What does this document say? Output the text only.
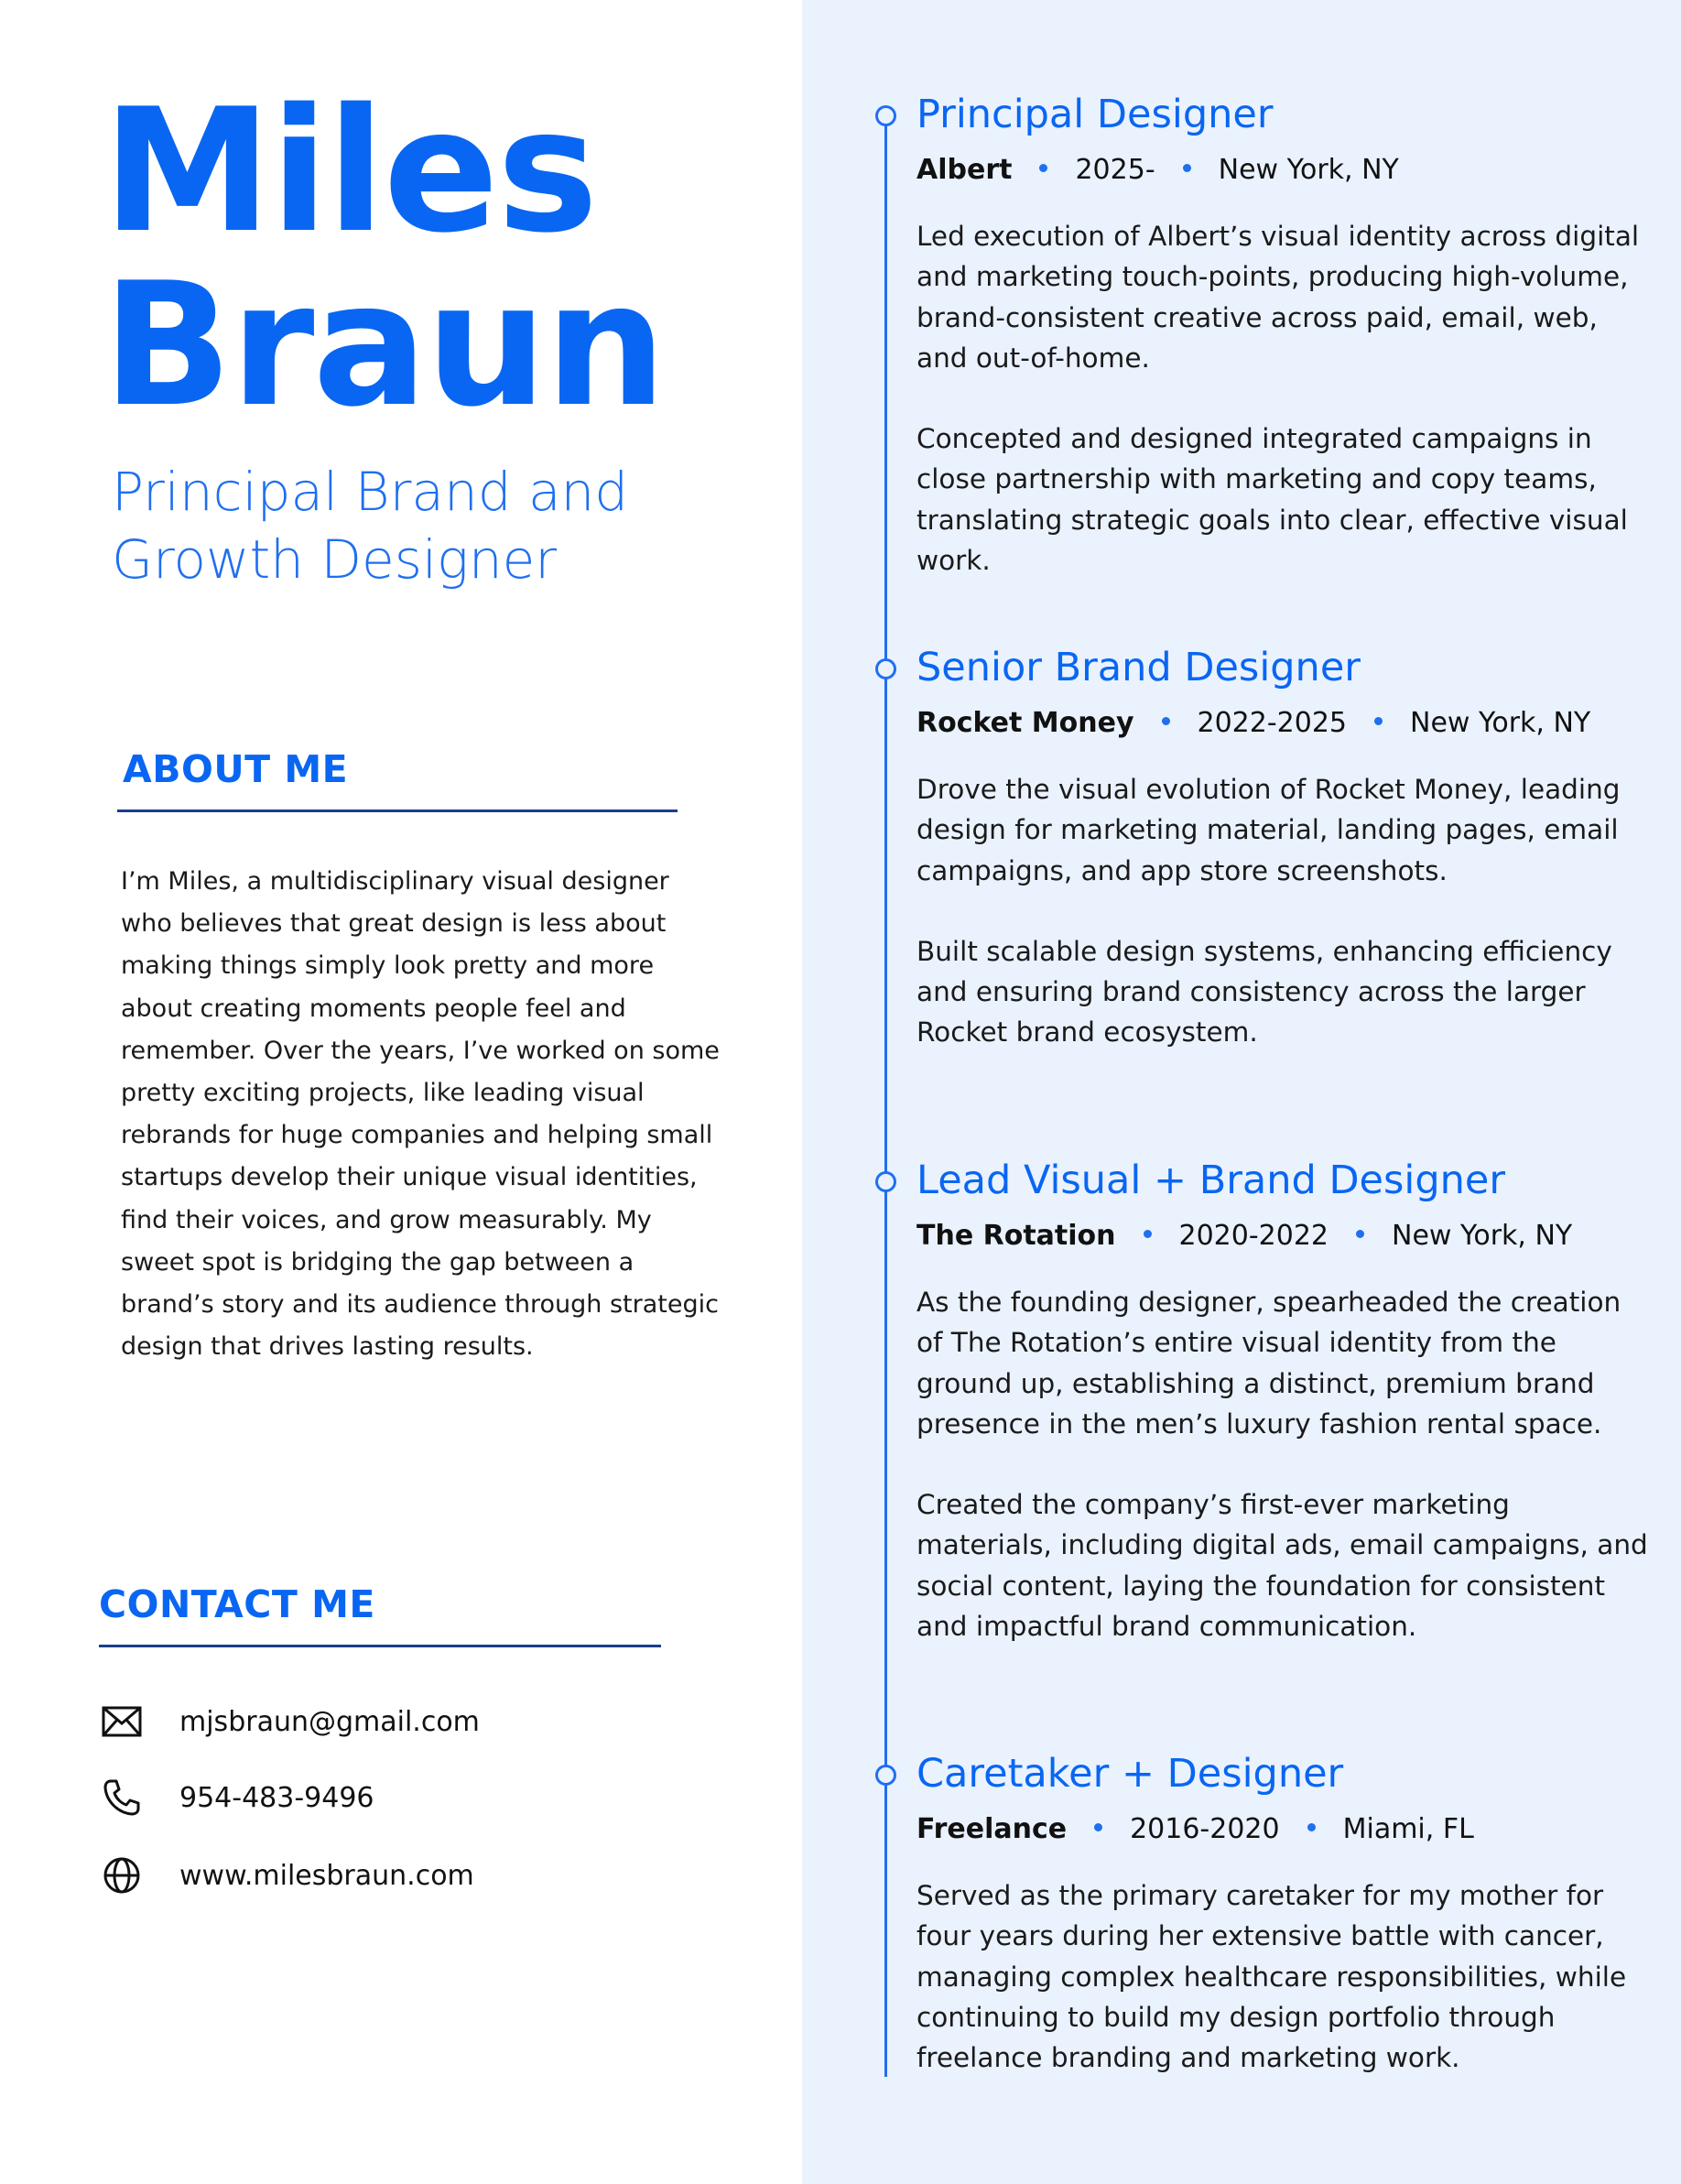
Miles
Braun
Principal Brand and
Growth Designer
ABOUT ME
I’m Miles, a multidisciplinary visual designer who believes that great design is less about making things simply look pretty and more about creating moments people feel and remember. Over the years, I’ve worked on some pretty exciting projects, like leading visual rebrands for huge companies and helping small startups develop their unique visual identities, find their voices, and grow measurably. My sweet spot is bridging the gap between a brand’s story and its audience through strategic design that drives lasting results.
CONTACT ME
mjsbraun@gmail.com
954-483-9496
www.milesbraun.com
Principal Designer
Albert 2025- New York, NY

Led execution of Albert’s visual identity across digital and marketing touch-points, producing high-volume, brand-consistent creative across paid, email, web, and out-of-home.

Concepted and designed integrated campaigns in close partnership with marketing and copy teams, translating strategic goals into clear, effective visual work.

Senior Brand Designer
Rocket Money 2022-2025 New York, NY

Drove the visual evolution of Rocket Money, leading design for marketing material, landing pages, email campaigns, and app store screenshots.

Built scalable design systems, enhancing efficiency and ensuring brand consistency across the larger Rocket brand ecosystem.

Lead Visual + Brand Designer
The Rotation 2020-2022 New York, NY

As the founding designer, spearheaded the creation of The Rotation’s entire visual identity from the ground up, establishing a distinct, premium brand presence in the men’s luxury fashion rental space.

Created the company’s first-ever marketing materials, including digital ads, email campaigns, and social content, laying the foundation for consistent and impactful brand communication.

Caretaker + Designer
Freelance 2016-2020 Miami, FL

Served as the primary caretaker for my mother for four years during her extensive battle with cancer, managing complex healthcare responsibilities, while continuing to build my design portfolio through freelance branding and marketing work.
